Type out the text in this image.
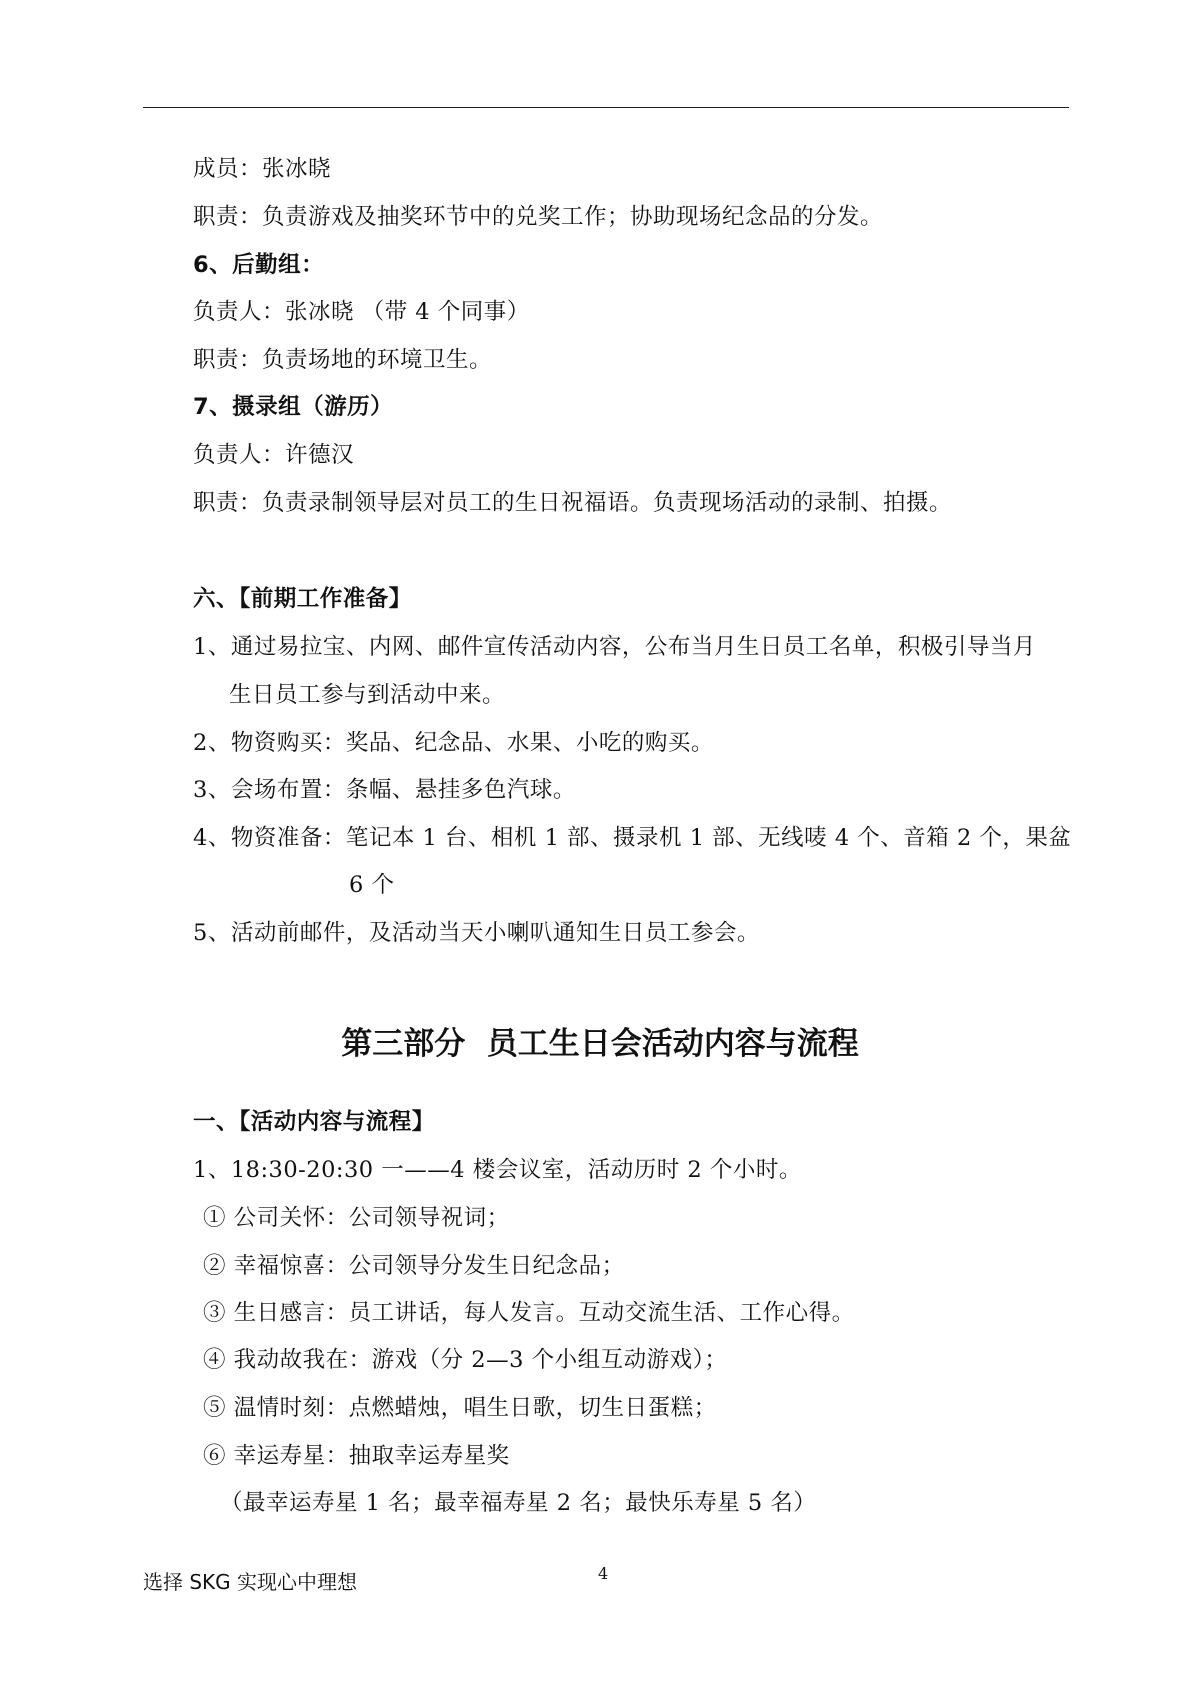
成员：张冰晓
职责：负责游戏及抽奖环节中的兑奖工作；协助现场纪念品的分发。
6、后勤组：
负责人：张冰晓 （带 4 个同事）
职责：负责场地的环境卫生。
7、摄录组（游历）
负责人：许德汉
职责：负责录制领导层对员工的生日祝福语。负责现场活动的录制、拍摄。
六、【前期工作准备】
1、通过易拉宝、内网、邮件宣传活动内容，公布当月生日员工名单，积极引导当月
生日员工参与到活动中来。
2、物资购买：奖品、纪念品、水果、小吃的购买。
3、会场布置：条幅、悬挂多色汽球。
4、物资准备：笔记本 1 台、相机 1 部、摄录机 1 部、无线唛 4 个、音箱 2 个，果盆
6 个
5、活动前邮件，及活动当天小喇叭通知生日员工参会。
第三部分  员工生日会活动内容与流程
一、【活动内容与流程】
1、18:30-20:30 一——4 楼会议室，活动历时 2 个小时。
① 公司关怀：公司领导祝词；
② 幸福惊喜：公司领导分发生日纪念品；
③ 生日感言：员工讲话，每人发言。互动交流生活、工作心得。
④ 我动故我在：游戏（分 2—3 个小组互动游戏）；
⑤ 温情时刻：点燃蜡烛，唱生日歌，切生日蛋糕；
⑥ 幸运寿星：抽取幸运寿星奖
（最幸运寿星 1 名；最幸福寿星 2 名；最快乐寿星 5 名）
选择 SKG 实现心中理想	4
